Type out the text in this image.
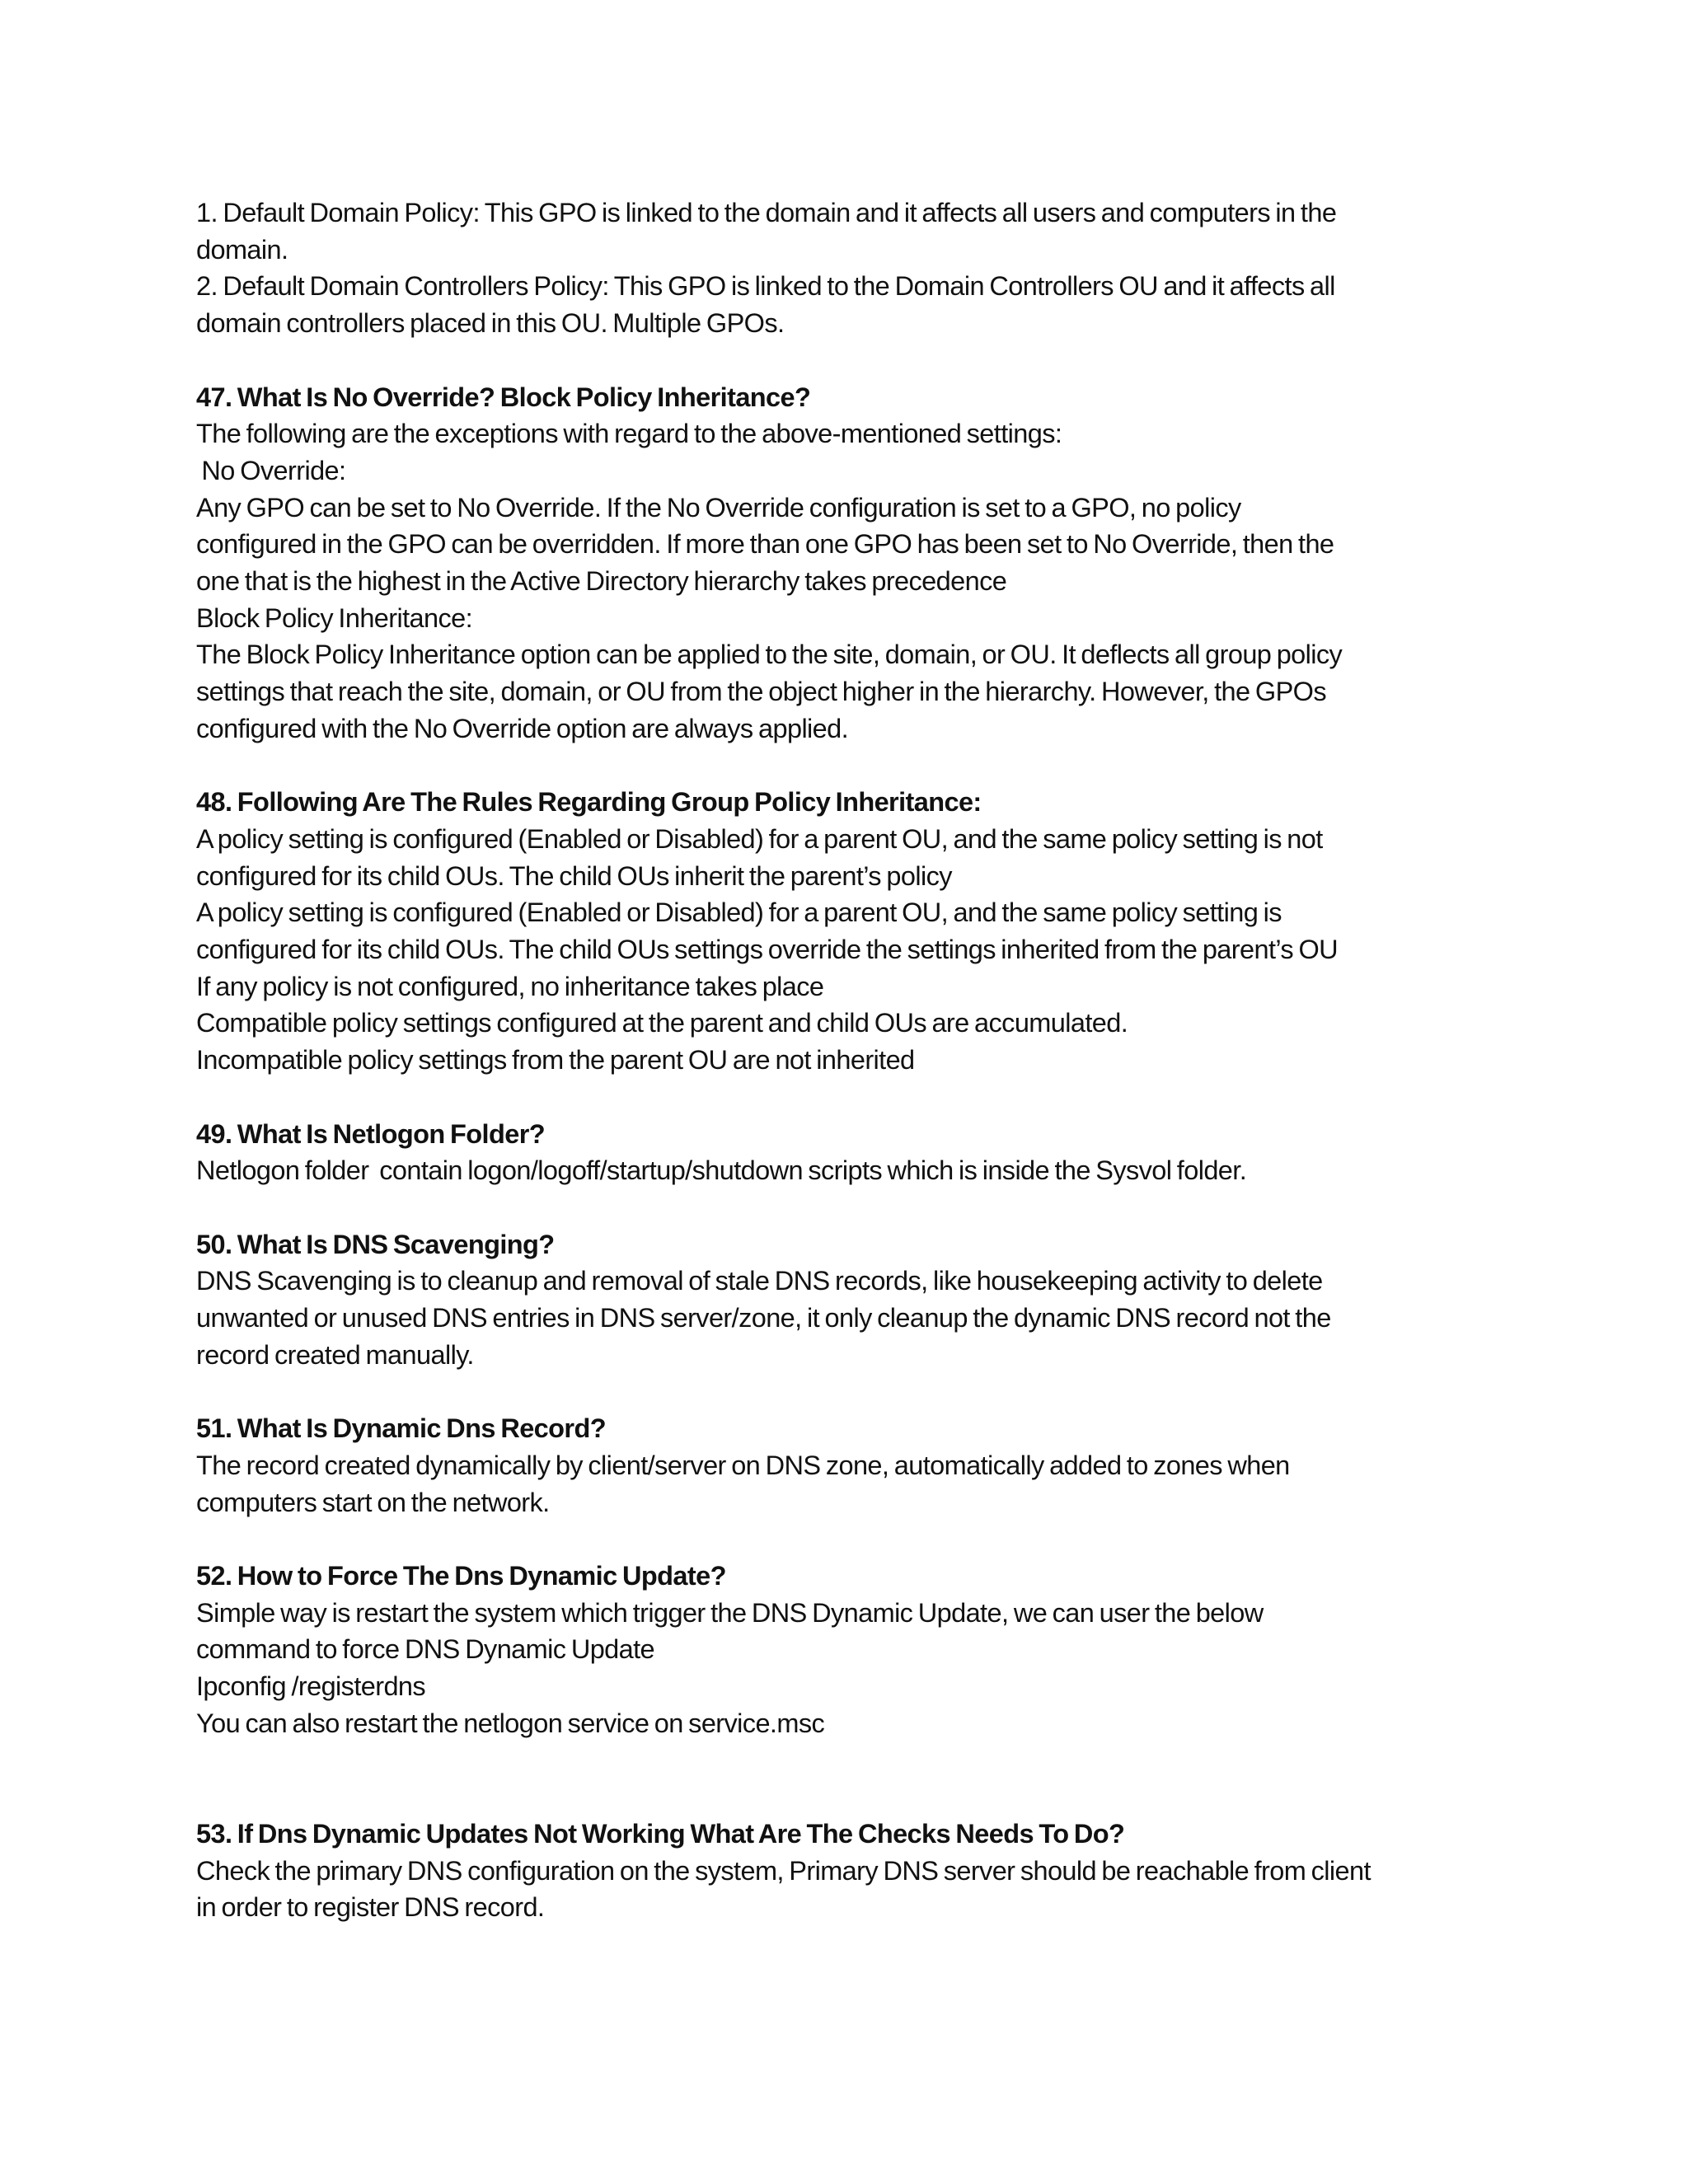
1. Default Domain Policy: This GPO is linked to the domain and it affects all users and computers in the
domain.
2. Default Domain Controllers Policy: This GPO is linked to the Domain Controllers OU and it affects all
domain controllers placed in this OU. Multiple GPOs.
47. What Is No Override? Block Policy Inheritance?
The following are the exceptions with regard to the above-mentioned settings:
No Override:
Any GPO can be set to No Override. If the No Override configuration is set to a GPO, no policy
configured in the GPO can be overridden. If more than one GPO has been set to No Override, then the
one that is the highest in the Active Directory hierarchy takes precedence
Block Policy Inheritance:
The Block Policy Inheritance option can be applied to the site, domain, or OU. It deflects all group policy
settings that reach the site, domain, or OU from the object higher in the hierarchy. However, the GPOs
configured with the No Override option are always applied.
48. Following Are The Rules Regarding Group Policy Inheritance:
A policy setting is configured (Enabled or Disabled) for a parent OU, and the same policy setting is not
configured for its child OUs. The child OUs inherit the parent’s policy
A policy setting is configured (Enabled or Disabled) for a parent OU, and the same policy setting is
configured for its child OUs. The child OUs settings override the settings inherited from the parent’s OU
If any policy is not configured, no inheritance takes place
Compatible policy settings configured at the parent and child OUs are accumulated.
Incompatible policy settings from the parent OU are not inherited
49. What Is Netlogon Folder?
Netlogon folder  contain logon/logoff/startup/shutdown scripts which is inside the Sysvol folder.
50. What Is DNS Scavenging?
DNS Scavenging is to cleanup and removal of stale DNS records, like housekeeping activity to delete
unwanted or unused DNS entries in DNS server/zone, it only cleanup the dynamic DNS record not the
record created manually.
51. What Is Dynamic Dns Record?
The record created dynamically by client/server on DNS zone, automatically added to zones when
computers start on the network.
52. How to Force The Dns Dynamic Update?
Simple way is restart the system which trigger the DNS Dynamic Update, we can user the below
command to force DNS Dynamic Update
Ipconfig /registerdns
You can also restart the netlogon service on service.msc
53. If Dns Dynamic Updates Not Working What Are The Checks Needs To Do?
Check the primary DNS configuration on the system, Primary DNS server should be reachable from client
in order to register DNS record.
